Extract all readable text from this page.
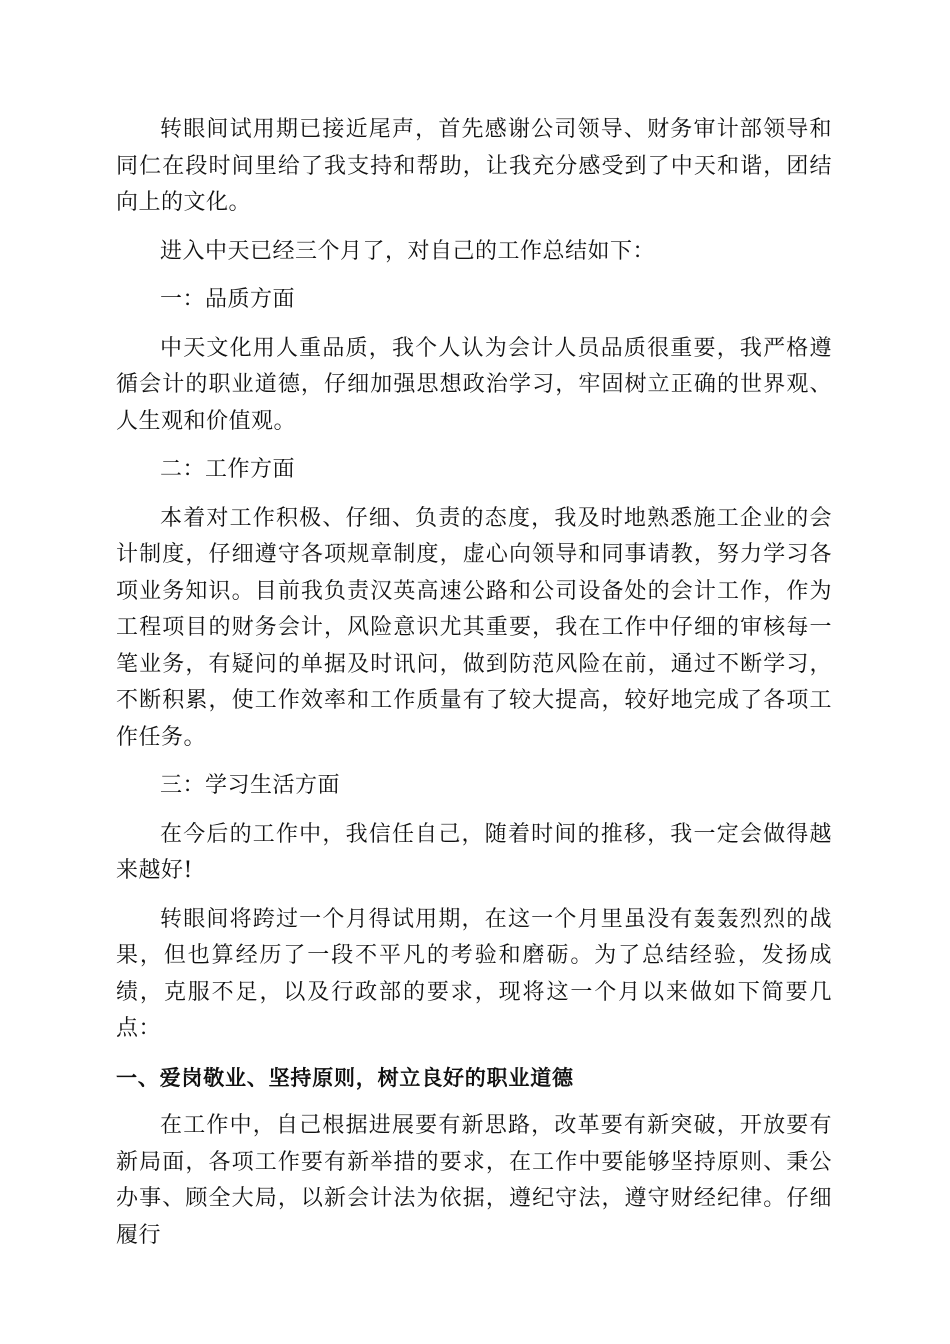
转眼间试用期已接近尾声，首先感谢公司领导、财务审计部领导和同仁在段时间里给了我支持和帮助，让我充分感受到了中天和谐，团结向上的文化。

进入中天已经三个月了，对自己的工作总结如下：

一：品质方面

中天文化用人重品质，我个人认为会计人员品质很重要，我严格遵循会计的职业道德，仔细加强思想政治学习，牢固树立正确的世界观、人生观和价值观。

二：工作方面

本着对工作积极、仔细、负责的态度，我及时地熟悉施工企业的会计制度，仔细遵守各项规章制度，虚心向领导和同事请教，努力学习各项业务知识。目前我负责汉英高速公路和公司设备处的会计工作，作为工程项目的财务会计，风险意识尤其重要，我在工作中仔细的审核每一笔业务，有疑问的单据及时讯问，做到防范风险在前，通过不断学习，不断积累，使工作效率和工作质量有了较大提高，较好地完成了各项工作任务。

三：学习生活方面

在今后的工作中，我信任自己，随着时间的推移，我一定会做得越来越好!

转眼间将跨过一个月得试用期，在这一个月里虽没有轰轰烈烈的战果，但也算经历了一段不平凡的考验和磨砺。为了总结经验，发扬成绩，克服不足，以及行政部的要求，现将这一个月以来做如下简要几点：

一、爱岗敬业、坚持原则，树立良好的职业道德

在工作中，自己根据进展要有新思路，改革要有新突破，开放要有新局面，各项工作要有新举措的要求，在工作中要能够坚持原则、秉公办事、顾全大局，以新会计法为依据，遵纪守法，遵守财经纪律。仔细履行
